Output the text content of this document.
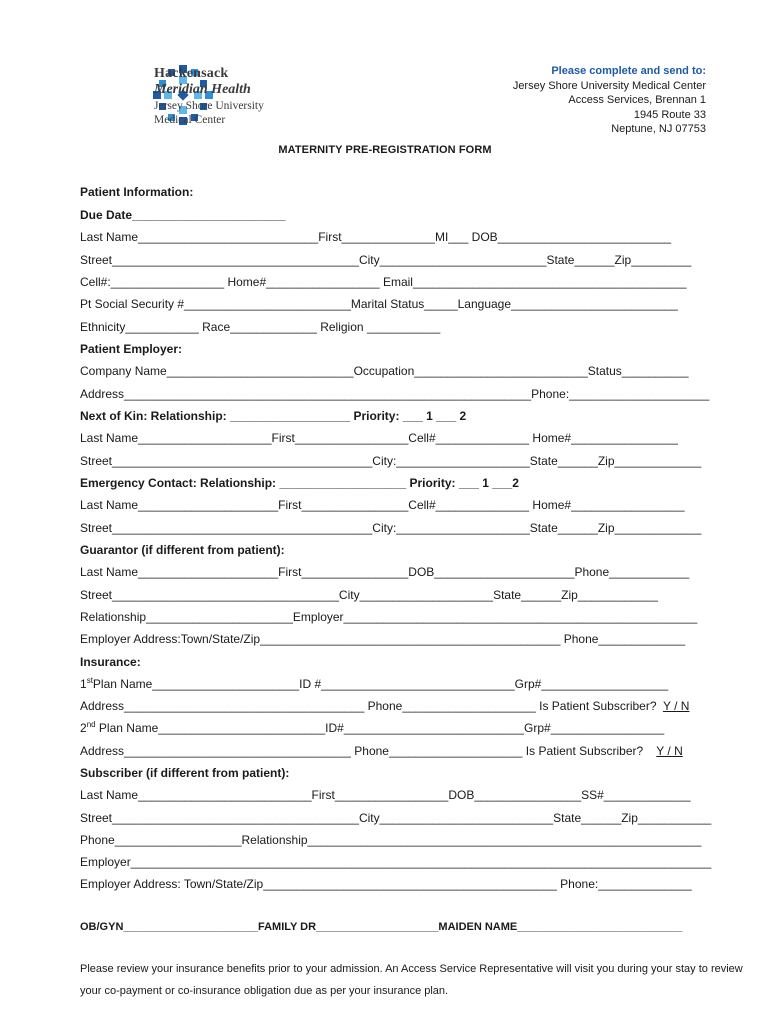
Hackensack
Meridian Health
Jersey Shore University
Medical Center
Please complete and send to:
Jersey Shore University Medical Center
Access Services, Brennan 1
1945 Route 33
Neptune, NJ 07753
MATERNITY PRE-REGISTRATION FORM
Patient Information:
Due Date_______________________
Last Name___________________________First______________MI___ DOB__________________________
Street_____________________________________City_________________________State______Zip_________
Cell#:_________________ Home#_________________ Email_________________________________________
Pt Social Security #_________________________Marital Status_____Language_________________________
Ethnicity___________ Race_____________ Religion ___________
Patient Employer:
Company Name____________________________Occupation__________________________Status__________
Address_____________________________________________________________Phone:_____________________
Next of Kin: Relationship: __________________ Priority: ___ 1 ___ 2
Last Name____________________First_________________Cell#______________ Home#________________
Street_______________________________________City:____________________State______Zip_____________
Emergency Contact: Relationship: ___________________ Priority: ___ 1 ___2
Last Name_____________________First________________Cell#______________ Home#_________________
Street_______________________________________City:____________________State______Zip_____________
Guarantor (if different from patient):
Last Name_____________________First________________DOB_____________________Phone____________
Street__________________________________City____________________State______Zip____________
Relationship______________________Employer_____________________________________________________
Employer Address:Town/State/Zip_____________________________________________ Phone_____________
Insurance:
1stPlan Name______________________ID #_____________________________Grp#___________________
Address____________________________________ Phone____________________ Is Patient Subscriber? Y / N
2nd Plan Name_________________________ID#___________________________Grp#_________________
Address__________________________________ Phone____________________ Is Patient Subscriber? Y / N
Subscriber (if different from patient):
Last Name__________________________First_________________DOB________________SS#_____________
Street_____________________________________City__________________________State______Zip___________
Phone___________________Relationship___________________________________________________________
Employer_______________________________________________________________________________________
Employer Address: Town/State/Zip____________________________________________ Phone:______________
OB/GYN______________________FAMILY DR____________________MAIDEN NAME___________________________
Please review your insurance benefits prior to your admission. An Access Service Representative will visit you during your stay to review your co-payment or co-insurance obligation due as per your insurance plan.
